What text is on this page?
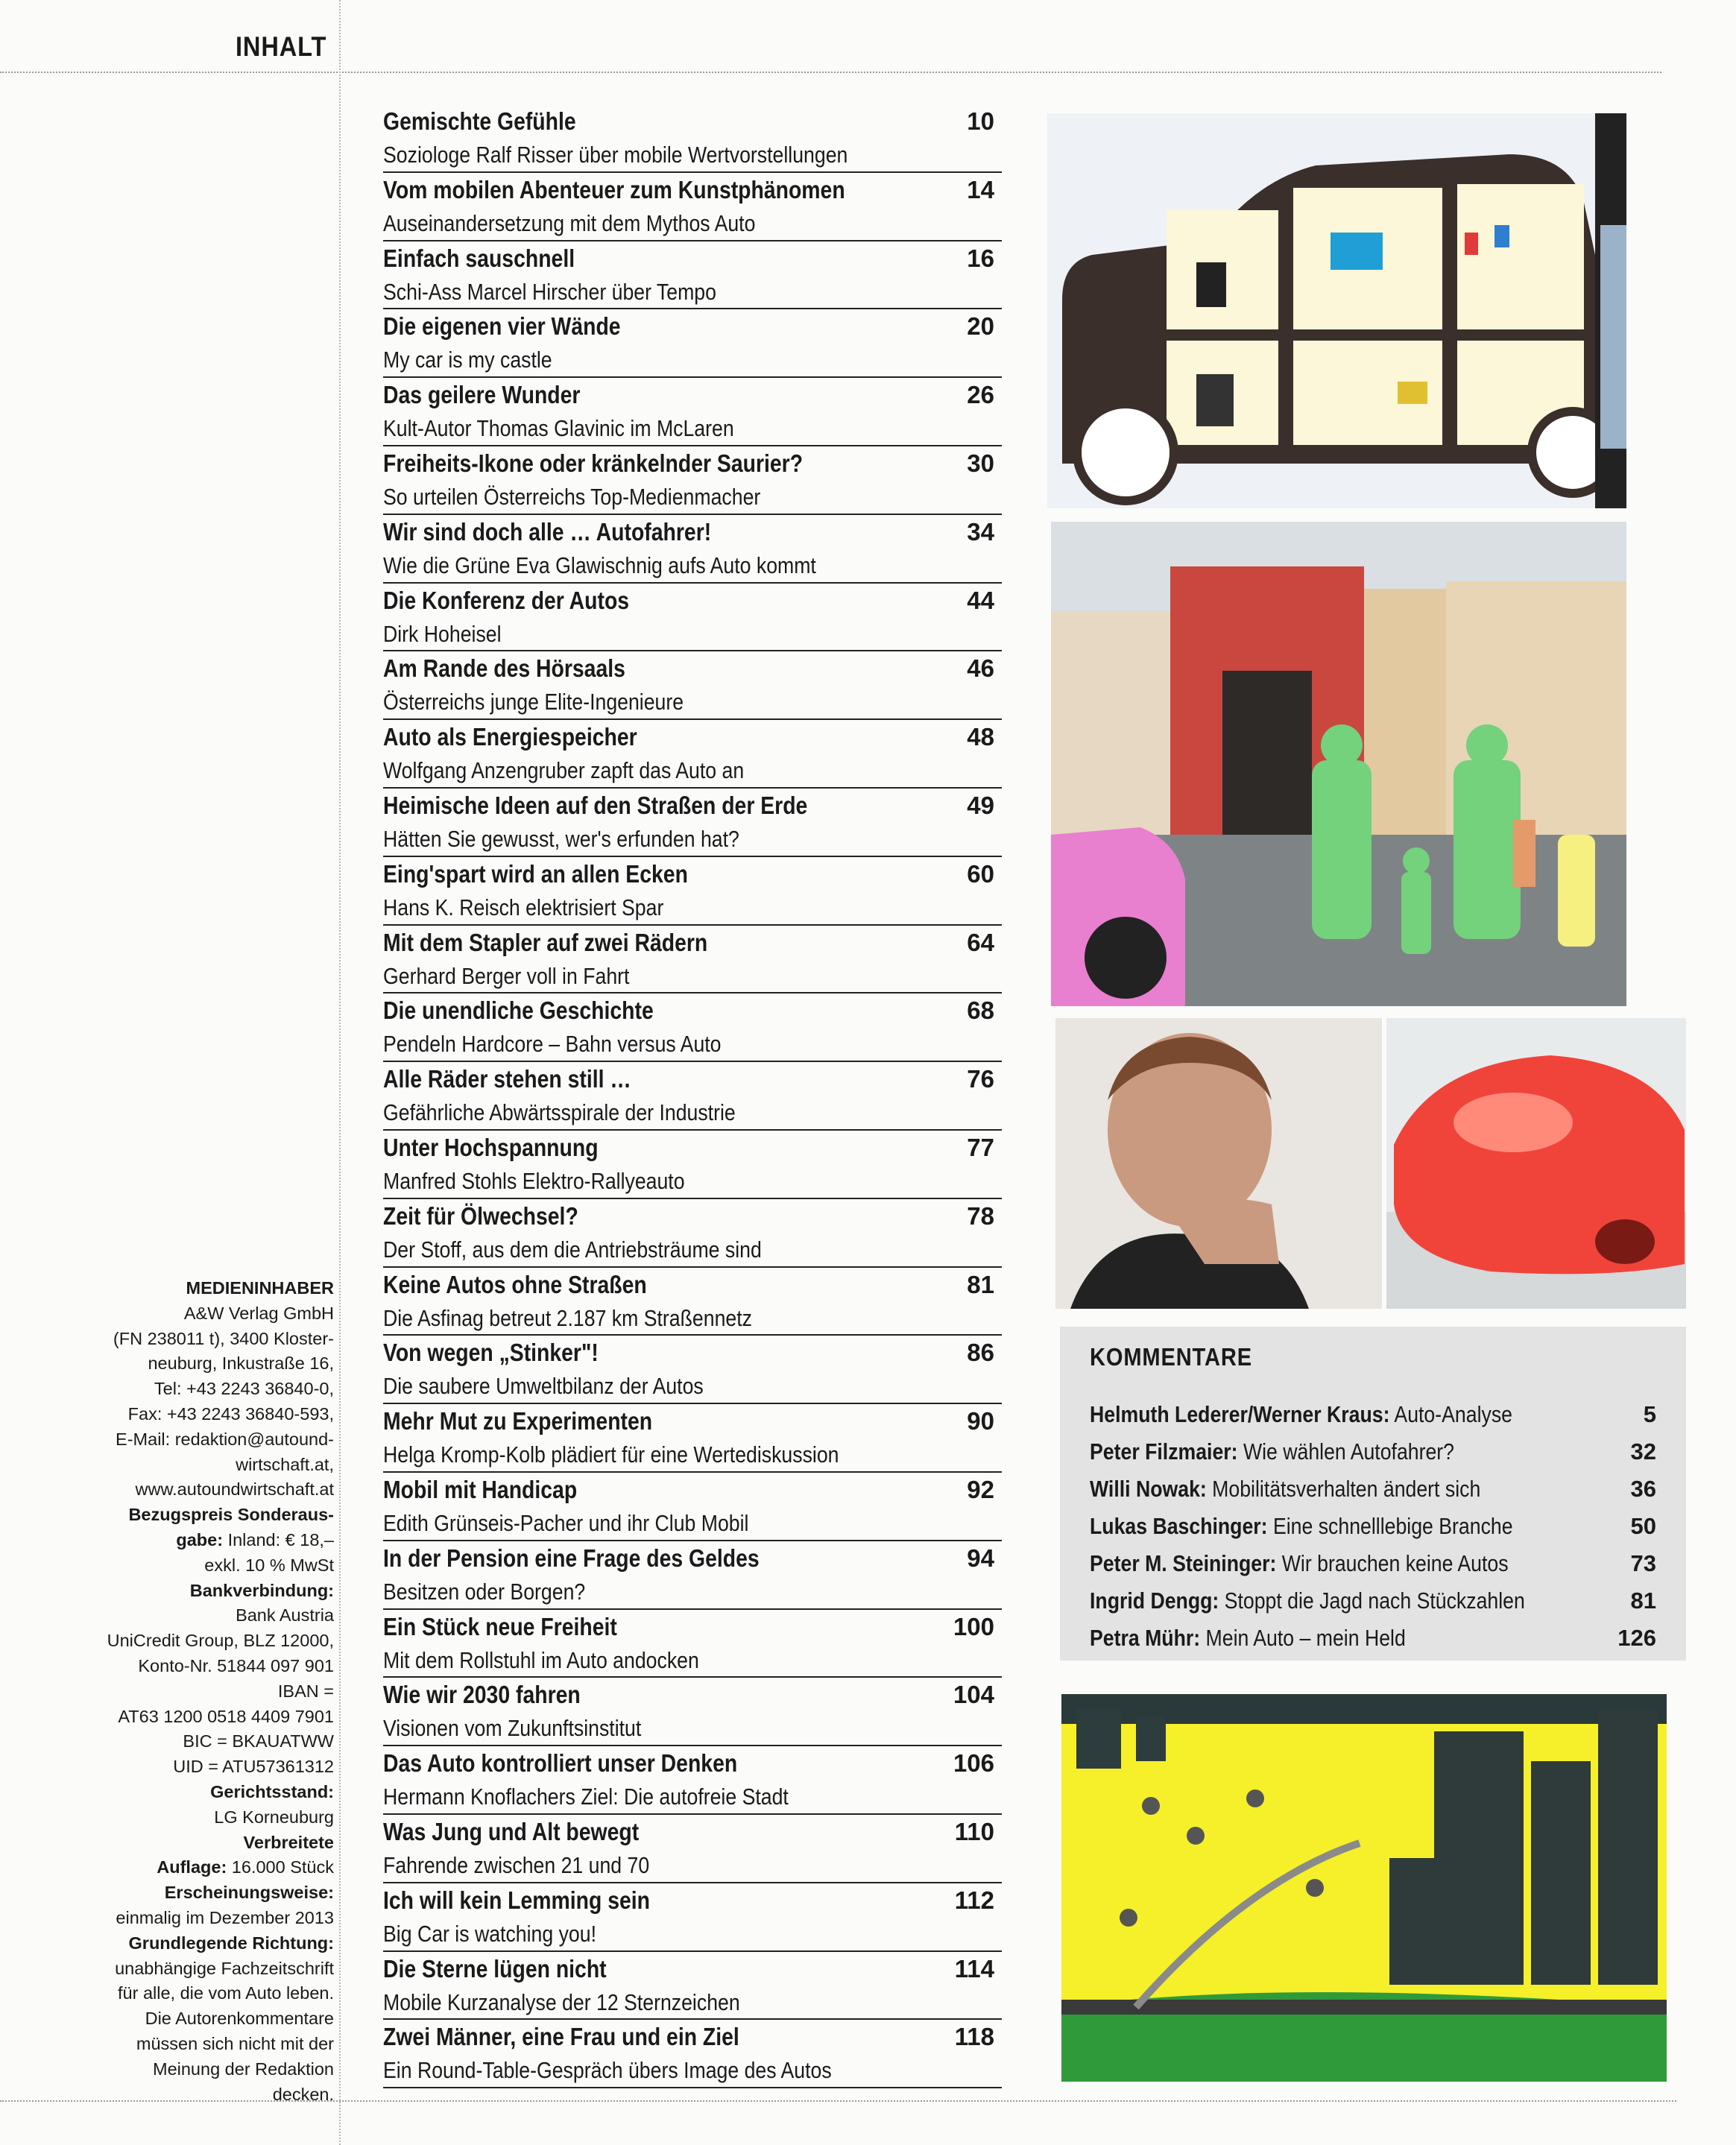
INHALT

MEDIENINHABER

A&W Verlag GmbH

(FN 238011 t), 3400 Kloster-

neuburg, Inkustraße 16,

Tel: +43 2243 36840-0,

Fax: +43 2243 36840-593,

E-Mail: redaktion@autound-

wirtschaft.at,

www.autoundwirtschaft.at

Bezugspreis Sonderaus-

gabe: Inland: € 18,–

exkl. 10 % MwSt

Bankverbindung:

Bank Austria

UniCredit Group, BLZ 12000,

Konto-Nr. 51844 097 901

IBAN =

AT63 1200 0518 4409 7901

BIC = BKAUATWW

UID = ATU57361312

Gerichtsstand:

LG Korneuburg

Verbreitete

Auflage: 16.000 Stück

Erscheinungsweise:

einmalig im Dezember 2013

Grundlegende Richtung:

unabhängige Fachzeitschrift

für alle, die vom Auto leben.

Die Autorenkommentare

müssen sich nicht mit der

Meinung der Redaktion

decken.

Gemischte Gefühle	10
Soziologe Ralf Risser über mobile Wertvorstellungen
Vom mobilen Abenteuer zum Kunstphänomen	14
Auseinandersetzung mit dem Mythos Auto
Einfach sauschnell	16
Schi-Ass Marcel Hirscher über Tempo
Die eigenen vier Wände	20
My car is my castle
Das geilere Wunder	26
Kult-Autor Thomas Glavinic im McLaren
Freiheits-Ikone oder kränkelnder Saurier?	30
So urteilen Österreichs Top-Medienmacher
Wir sind doch alle … Autofahrer!	34
Wie die Grüne Eva Glawischnig aufs Auto kommt
Die Konferenz der Autos	44
Dirk Hoheisel
Am Rande des Hörsaals	46
Österreichs junge Elite-Ingenieure
Auto als Energiespeicher	48
Wolfgang Anzengruber zapft das Auto an
Heimische Ideen auf den Straßen der Erde	49
Hätten Sie gewusst, wer's erfunden hat?
Eing'spart wird an allen Ecken	60
Hans K. Reisch elektrisiert Spar
Mit dem Stapler auf zwei Rädern	64
Gerhard Berger voll in Fahrt
Die unendliche Geschichte	68
Pendeln Hardcore – Bahn versus Auto
Alle Räder stehen still …	76
Gefährliche Abwärtsspirale der Industrie
Unter Hochspannung	77
Manfred Stohls Elektro-Rallyeauto
Zeit für Ölwechsel?	78
Der Stoff, aus dem die Antriebsträume sind
Keine Autos ohne Straßen	81
Die Asfinag betreut 2.187 km Straßennetz
Von wegen „Stinker"!	86
Die saubere Umweltbilanz der Autos
Mehr Mut zu Experimenten	90
Helga Kromp-Kolb plädiert für eine Wertediskussion
Mobil mit Handicap	92
Edith Grünseis-Pacher und ihr Club Mobil
In der Pension eine Frage des Geldes	94
Besitzen oder Borgen?
Ein Stück neue Freiheit	100
Mit dem Rollstuhl im Auto andocken
Wie wir 2030 fahren	104
Visionen vom Zukunftsinstitut
Das Auto kontrolliert unser Denken	106
Hermann Knoflachers Ziel: Die autofreie Stadt
Was Jung und Alt bewegt	110
Fahrende zwischen 21 und 70
Ich will kein Lemming sein	112
Big Car is watching you!
Die Sterne lügen nicht	114
Mobile Kurzanalyse der 12 Sternzeichen
Zwei Männer, eine Frau und ein Ziel	118
Ein Round-Table-Gespräch übers Image des Autos
KOMMENTARE
Helmuth Lederer/Werner Kraus: Auto-Analyse	5
Peter Filzmaier: Wie wählen Autofahrer?	32
Willi Nowak: Mobilitätsverhalten ändert sich	36
Lukas Baschinger: Eine schnelllebige Branche	50
Peter M. Steininger: Wir brauchen keine Autos	73
Ingrid Dengg: Stoppt die Jagd nach Stückzahlen	81
Petra Mühr: Mein Auto – mein Held	126
